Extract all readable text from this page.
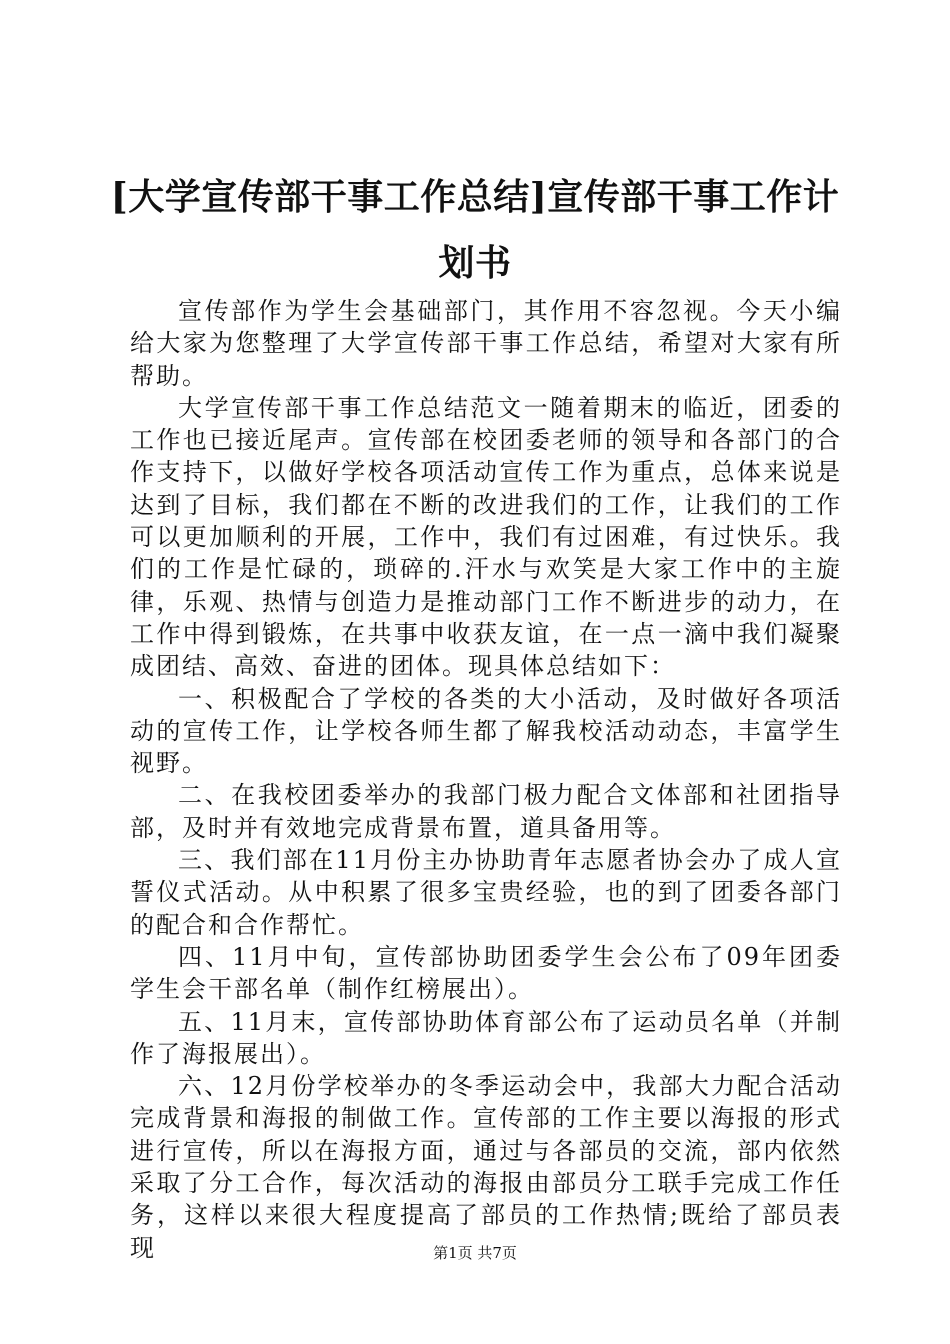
[大学宣传部干事工作总结]宣传部干事工作计划书

宣传部作为学生会基础部门，其作用不容忽视。今天小编给大家为您整理了大学宣传部干事工作总结，希望对大家有所帮助。

大学宣传部干事工作总结范文一随着期末的临近，团委的工作也已接近尾声。宣传部在校团委老师的领导和各部门的合作支持下，以做好学校各项活动宣传工作为重点，总体来说是达到了目标，我们都在不断的改进我们的工作，让我们的工作可以更加顺利的开展，工作中，我们有过困难，有过快乐。我们的工作是忙碌的，琐碎的.汗水与欢笑是大家工作中的主旋律，乐观、热情与创造力是推动部门工作不断进步的动力，在工作中得到锻炼，在共事中收获友谊，在一点一滴中我们凝聚成团结、高效、奋进的团体。现具体总结如下：

一、积极配合了学校的各类的大小活动，及时做好各项活动的宣传工作，让学校各师生都了解我校活动动态，丰富学生视野。

二、在我校团委举办的我部门极力配合文体部和社团指导部，及时并有效地完成背景布置，道具备用等。

三、我们部在11月份主办协助青年志愿者协会办了成人宣誓仪式活动。从中积累了很多宝贵经验，也的到了团委各部门的配合和合作帮忙。

四、11月中旬，宣传部协助团委学生会公布了09年团委学生会干部名单（制作红榜展出）。

五、11月末，宣传部协助体育部公布了运动员名单（并制作了海报展出）。

六、12月份学校举办的冬季运动会中，我部大力配合活动完成背景和海报的制做工作。宣传部的工作主要以海报的形式进行宣传，所以在海报方面，通过与各部员的交流，部内依然采取了分工合作，每次活动的海报由部员分工联手完成工作任务，这样以来很大程度提高了部员的工作热情;既给了部员表现	第1页 共7页
